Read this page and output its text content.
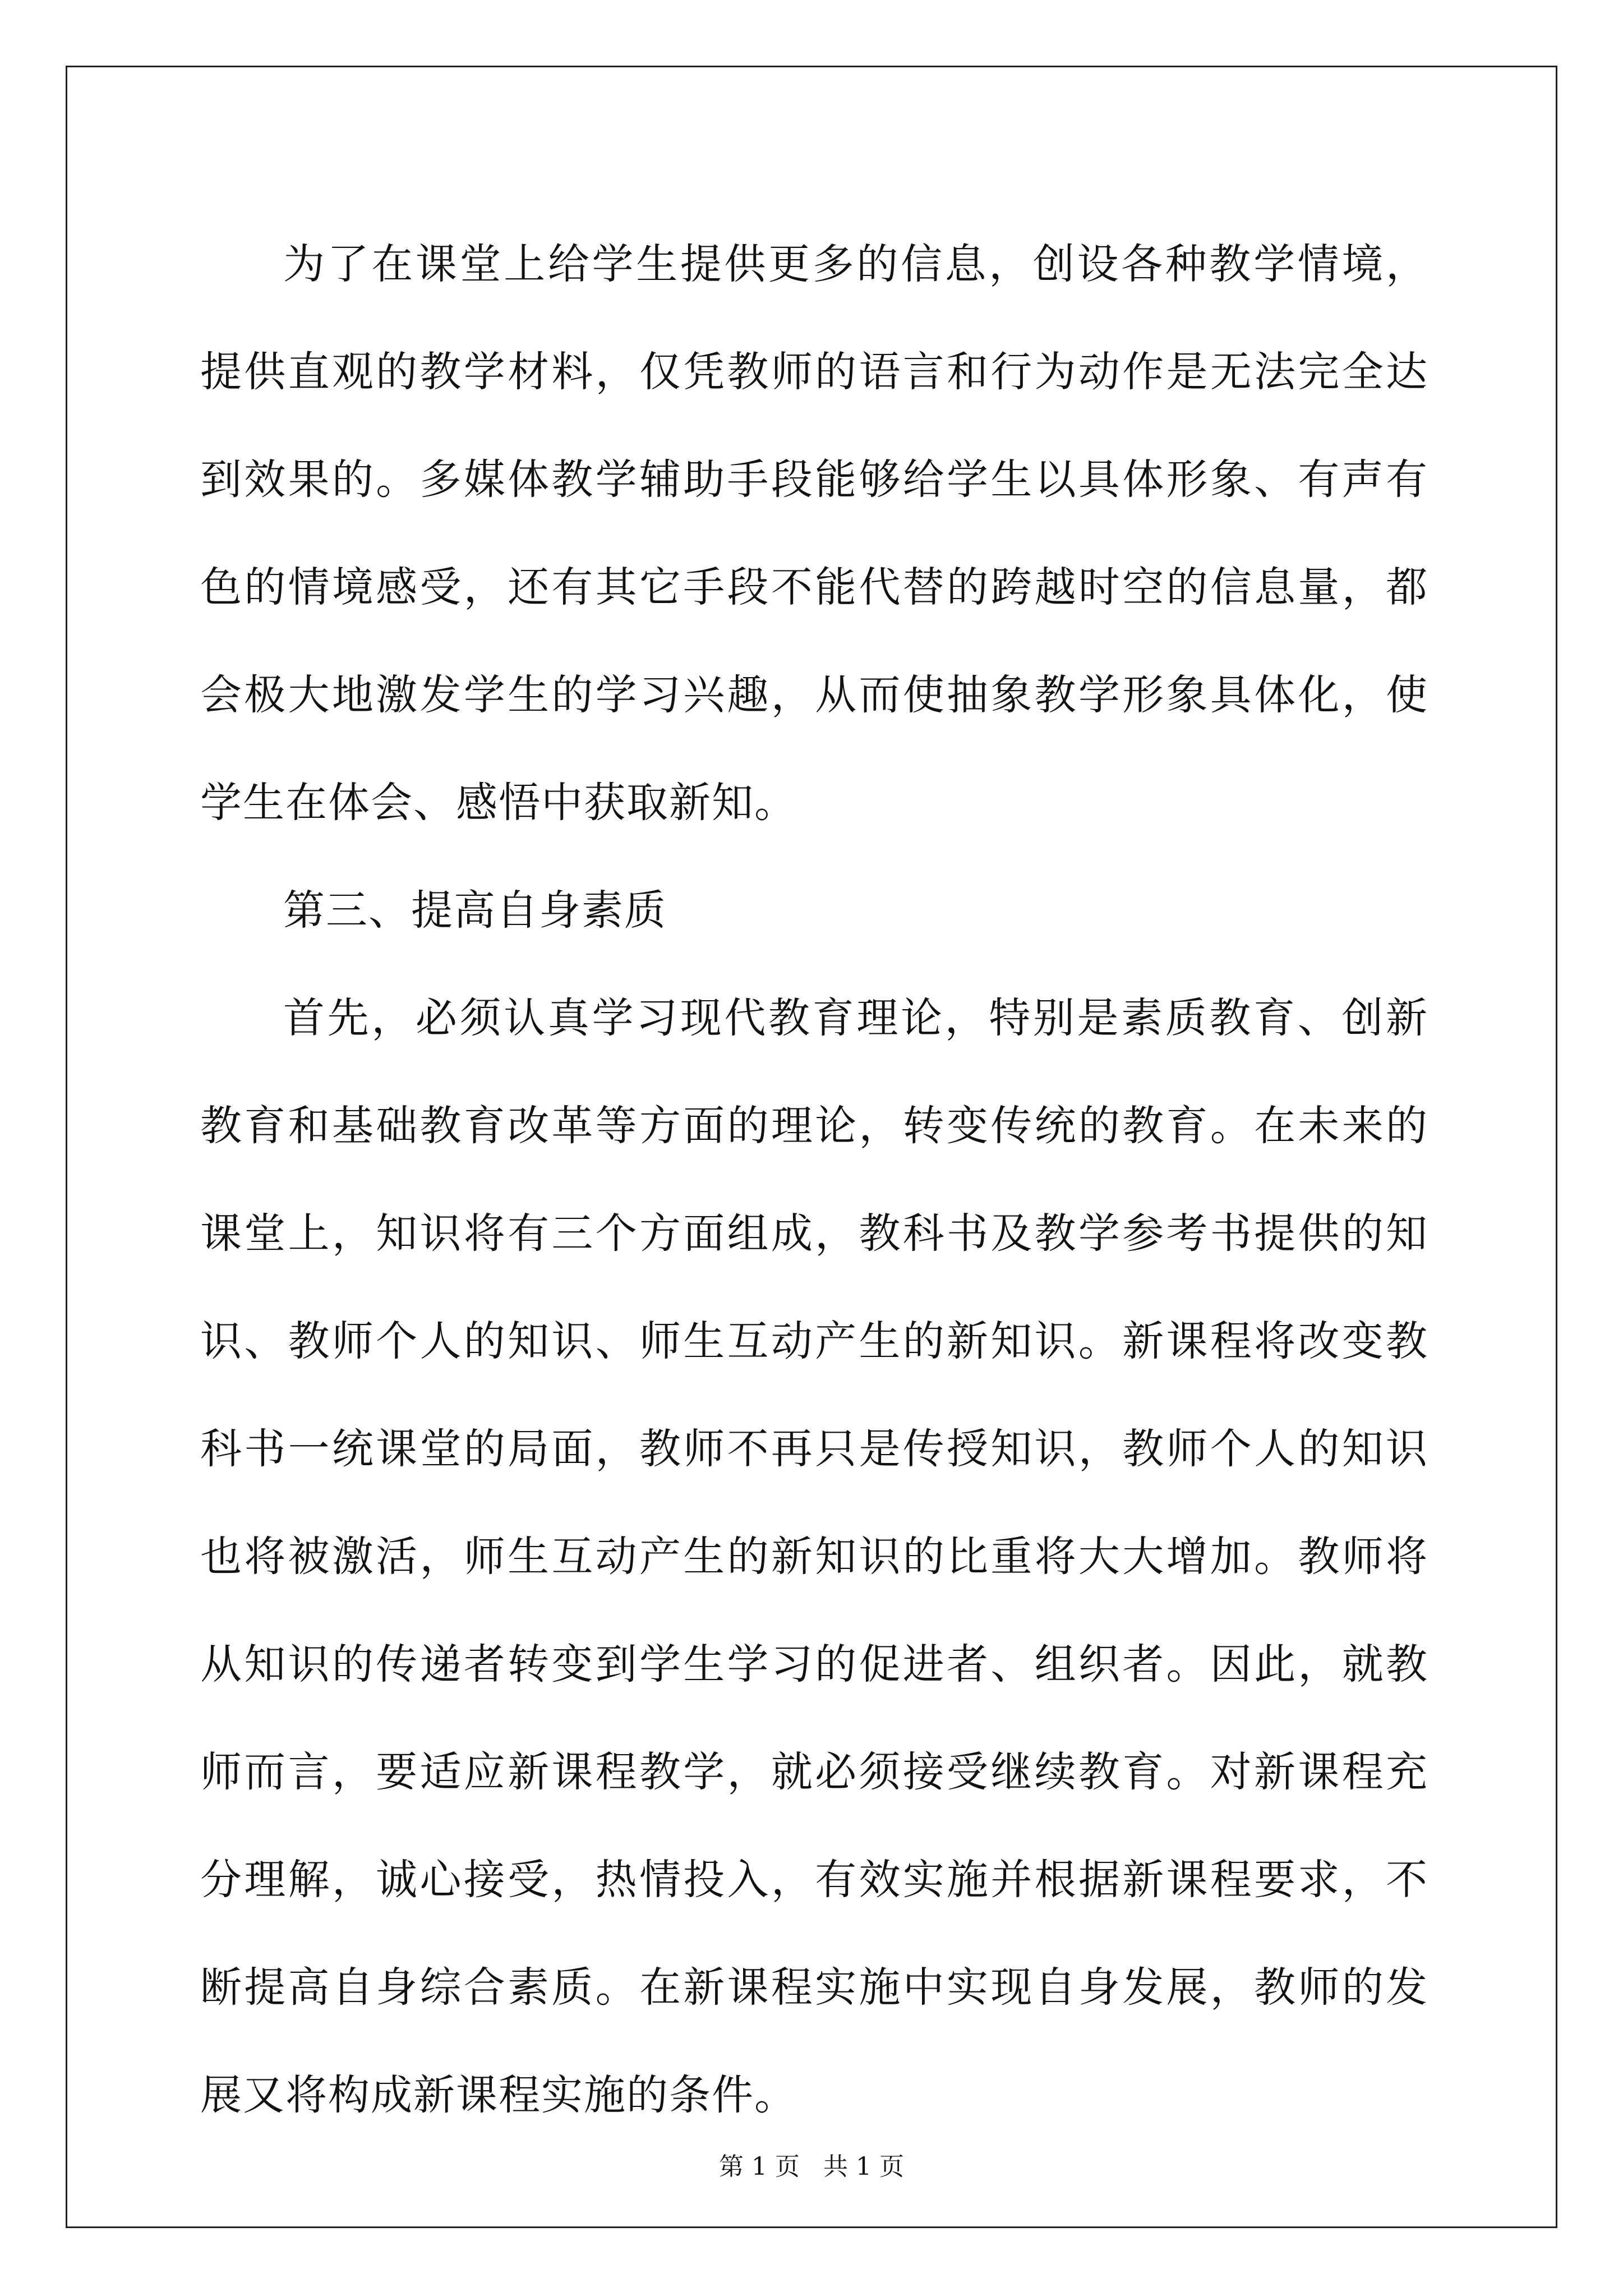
为了在课堂上给学生提供更多的信息，创设各种教学情境，提供直观的教学材料，仅凭教师的语言和行为动作是无法完全达到效果的。多媒体教学辅助手段能够给学生以具体形象、有声有色的情境感受，还有其它手段不能代替的跨越时空的信息量，都会极大地激发学生的学习兴趣，从而使抽象教学形象具体化，使学生在体会、感悟中获取新知。

第三、提高自身素质

首先，必须认真学习现代教育理论，特别是素质教育、创新教育和基础教育改革等方面的理论，转变传统的教育。在未来的课堂上，知识将有三个方面组成，教科书及教学参考书提供的知识、教师个人的知识、师生互动产生的新知识。新课程将改变教科书一统课堂的局面，教师不再只是传授知识，教师个人的知识也将被激活，师生互动产生的新知识的比重将大大增加。教师将从知识的传递者转变到学生学习的促进者、组织者。因此，就教师而言，要适应新课程教学，就必须接受继续教育。对新课程充分理解，诚心接受，热情投入，有效实施并根据新课程要求，不断提高自身综合素质。在新课程实施中实现自身发展，教师的发展又将构成新课程实施的条件。

第 1 页   共 1 页
